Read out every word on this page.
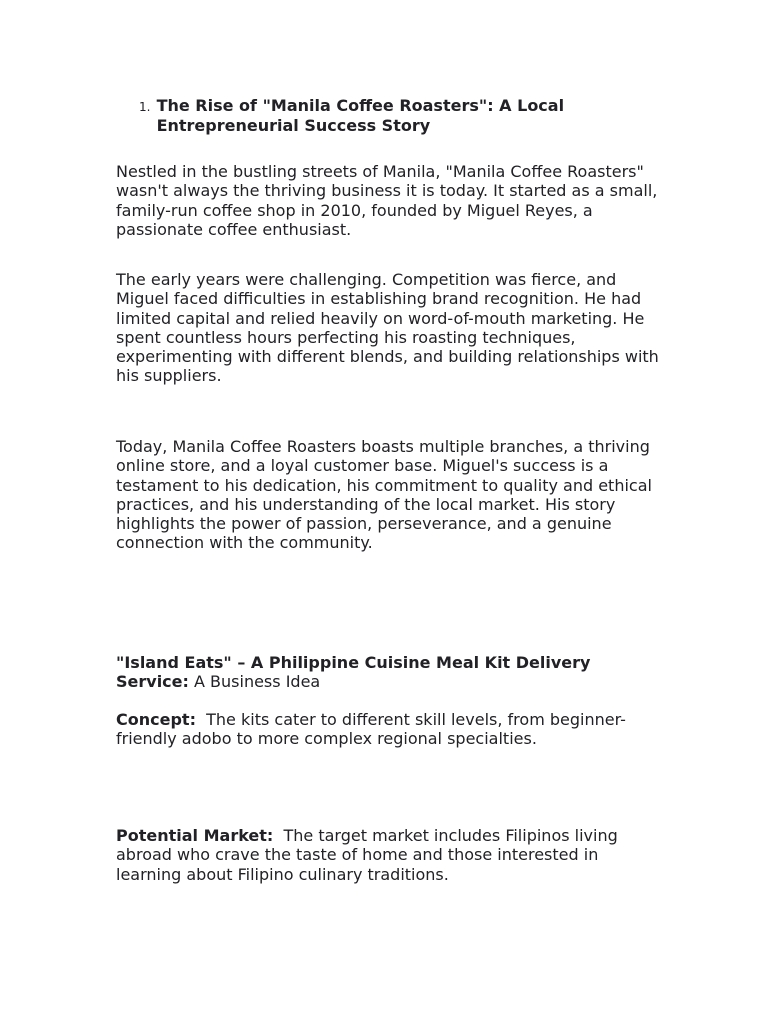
1. The Rise of "Manila Coffee Roasters": A Local Entrepreneurial Success Story

Nestled in the bustling streets of Manila, "Manila Coffee Roasters" wasn't always the thriving business it is today. It started as a small, family-run coffee shop in 2010, founded by Miguel Reyes, a passionate coffee enthusiast.

The early years were challenging. Competition was fierce, and Miguel faced difficulties in establishing brand recognition. He had limited capital and relied heavily on word-of-mouth marketing. He spent countless hours perfecting his roasting techniques, experimenting with different blends, and building relationships with his suppliers.

Today, Manila Coffee Roasters boasts multiple branches, a thriving online store, and a loyal customer base. Miguel's success is a testament to his dedication, his commitment to quality and ethical practices, and his understanding of the local market. His story highlights the power of passion, perseverance, and a genuine connection with the community.

"Island Eats" – A Philippine Cuisine Meal Kit Delivery Service: A Business Idea

Concept: The kits cater to different skill levels, from beginner-friendly adobo to more complex regional specialties.

Potential Market: The target market includes Filipinos living abroad who crave the taste of home and those interested in learning about Filipino culinary traditions.
